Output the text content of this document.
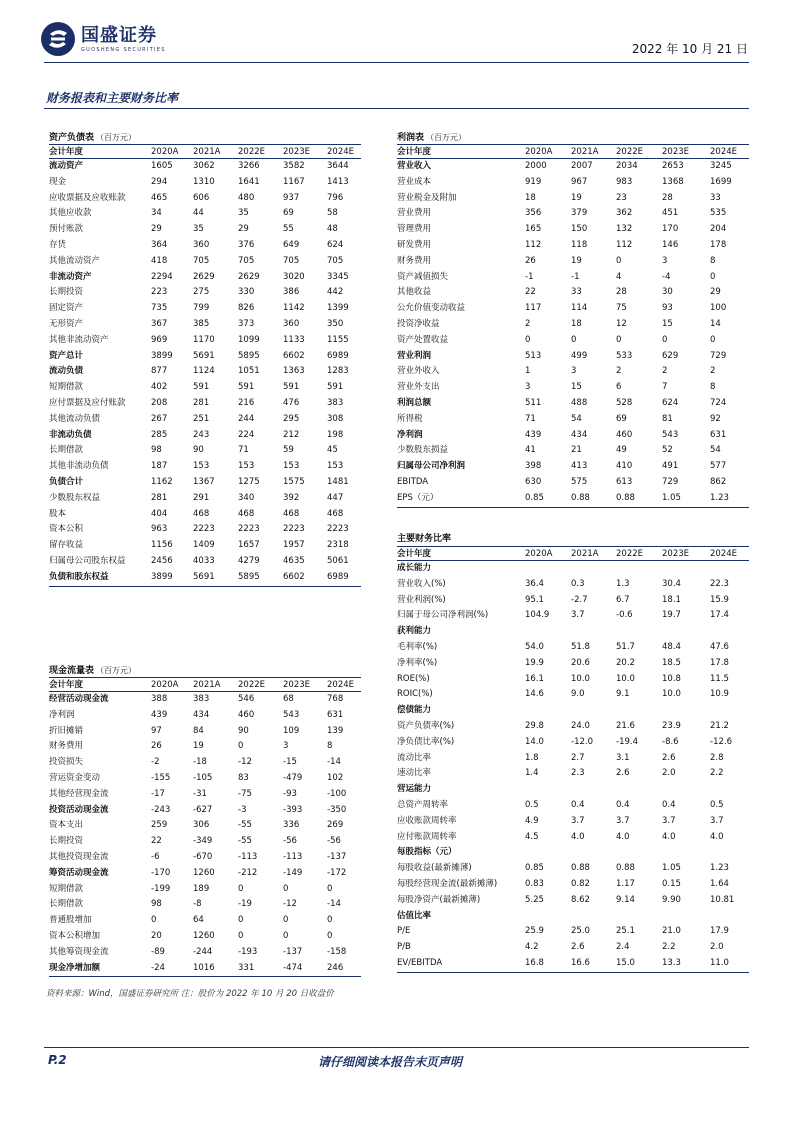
国盛证券
GUOSHENG SECURITIES	2022 年 10 月 21 日
财务报表和主要财务比率
资产负债表 （百万元）
会计年度	2020A	2021A	2022E	2023E	2024E
流动资产	1605	3062	3266	3582	3644
现金	294	1310	1641	1167	1413
应收票据及应收账款	465	606	480	937	796
其他应收款	34	44	35	69	58
预付账款	29	35	29	55	48
存货	364	360	376	649	624
其他流动资产	418	705	705	705	705
非流动资产	2294	2629	2629	3020	3345
长期投资	223	275	330	386	442
固定资产	735	799	826	1142	1399
无形资产	367	385	373	360	350
其他非流动资产	969	1170	1099	1133	1155
资产总计	3899	5691	5895	6602	6989
流动负债	877	1124	1051	1363	1283
短期借款	402	591	591	591	591
应付票据及应付账款	208	281	216	476	383
其他流动负债	267	251	244	295	308
非流动负债	285	243	224	212	198
长期借款	98	90	71	59	45
其他非流动负债	187	153	153	153	153
负债合计	1162	1367	1275	1575	1481
少数股东权益	281	291	340	392	447
股本	404	468	468	468	468
资本公积	963	2223	2223	2223	2223
留存收益	1156	1409	1657	1957	2318
归属母公司股东权益	2456	4033	4279	4635	5061
负债和股东权益	3899	5691	5895	6602	6989
利润表 （百万元）
会计年度	2020A	2021A	2022E	2023E	2024E
营业收入	2000	2007	2034	2653	3245
营业成本	919	967	983	1368	1699
营业税金及附加	18	19	23	28	33
营业费用	356	379	362	451	535
管理费用	165	150	132	170	204
研发费用	112	118	112	146	178
财务费用	26	19	0	3	8
资产减值损失	-1	-1	4	-4	0
其他收益	22	33	28	30	29
公允价值变动收益	117	114	75	93	100
投资净收益	2	18	12	15	14
资产处置收益	0	0	0	0	0
营业利润	513	499	533	629	729
营业外收入	1	3	2	2	2
营业外支出	3	15	6	7	8
利润总额	511	488	528	624	724
所得税	71	54	69	81	92
净利润	439	434	460	543	631
少数股东损益	41	21	49	52	54
归属母公司净利润	398	413	410	491	577
EBITDA	630	575	613	729	862
EPS（元）	0.85	0.88	0.88	1.05	1.23
主要财务比率
会计年度	2020A	2021A	2022E	2023E	2024E
成长能力
营业收入(%)	36.4	0.3	1.3	30.4	22.3
营业利润(%)	95.1	-2.7	6.7	18.1	15.9
归属于母公司净利润(%)	104.9	3.7	-0.6	19.7	17.4
获利能力
毛利率(%)	54.0	51.8	51.7	48.4	47.6
净利率(%)	19.9	20.6	20.2	18.5	17.8
ROE(%)	16.1	10.0	10.0	10.8	11.5
ROIC(%)	14.6	9.0	9.1	10.0	10.9
偿债能力
资产负债率(%)	29.8	24.0	21.6	23.9	21.2
净负债比率(%)	14.0	-12.0	-19.4	-8.6	-12.6
流动比率	1.8	2.7	3.1	2.6	2.8
速动比率	1.4	2.3	2.6	2.0	2.2
营运能力
总资产周转率	0.5	0.4	0.4	0.4	0.5
应收账款周转率	4.9	3.7	3.7	3.7	3.7
应付账款周转率	4.5	4.0	4.0	4.0	4.0
每股指标（元）
每股收益(最新摊薄)	0.85	0.88	0.88	1.05	1.23
每股经营现金流(最新摊薄)	0.83	0.82	1.17	0.15	1.64
每股净资产(最新摊薄)	5.25	8.62	9.14	9.90	10.81
估值比率
P/E	25.9	25.0	25.1	21.0	17.9
P/B	4.2	2.6	2.4	2.2	2.0
EV/EBITDA	16.8	16.6	15.0	13.3	11.0
现金流量表 （百万元）
会计年度	2020A	2021A	2022E	2023E	2024E
经营活动现金流	388	383	546	68	768
净利润	439	434	460	543	631
折旧摊销	97	84	90	109	139
财务费用	26	19	0	3	8
投资损失	-2	-18	-12	-15	-14
营运资金变动	-155	-105	83	-479	102
其他经营现金流	-17	-31	-75	-93	-100
投资活动现金流	-243	-627	-3	-393	-350
资本支出	259	306	-55	336	269
长期投资	22	-349	-55	-56	-56
其他投资现金流	-6	-670	-113	-113	-137
筹资活动现金流	-170	1260	-212	-149	-172
短期借款	-199	189	0	0	0
长期借款	98	-8	-19	-12	-14
普通股增加	0	64	0	0	0
资本公积增加	20	1260	0	0	0
其他筹资现金流	-89	-244	-193	-137	-158
现金净增加额	-24	1016	331	-474	246
资料来源：Wind，国盛证券研究所 注：股价为 2022 年 10 月 20 日收盘价
P.2	请仔细阅读本报告末页声明
